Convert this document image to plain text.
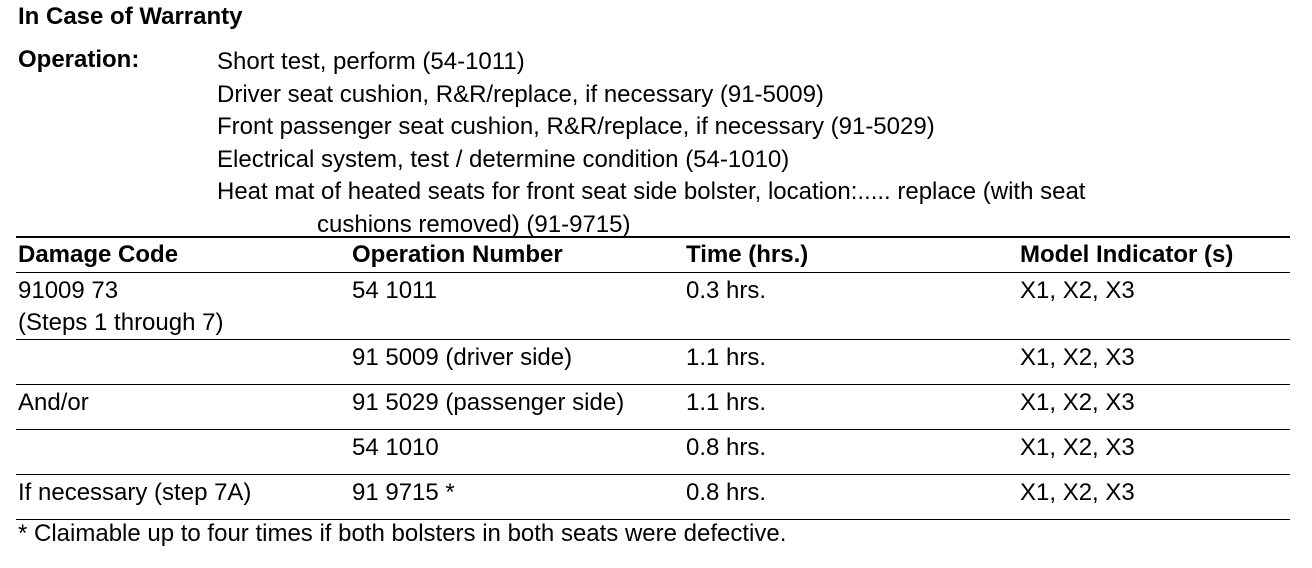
In Case of Warranty
Operation:	Short test, perform (54-1011)
Driver seat cushion, R&R/replace, if necessary (91-5009)
Front passenger seat cushion, R&R/replace, if necessary (91-5029)
Electrical system, test / determine condition (54-1010)
Heat mat of heated seats for front seat side bolster, location:..... replace (with seat
cushions removed) (91-9715)
Damage Code	Operation Number	Time (hrs.)	Model Indicator (s)

91009 73
(Steps 1 through 7)	54 1011	0.3 hrs.	X1, X2, X3
	91 5009 (driver side)	1.1 hrs.	X1, X2, X3
And/or	91 5029 (passenger side)	1.1 hrs.	X1, X2, X3
	54 1010	0.8 hrs.	X1, X2, X3
If necessary (step 7A)	91 9715 *	0.8 hrs.	X1, X2, X3
* Claimable up to four times if both bolsters in both seats were defective.
